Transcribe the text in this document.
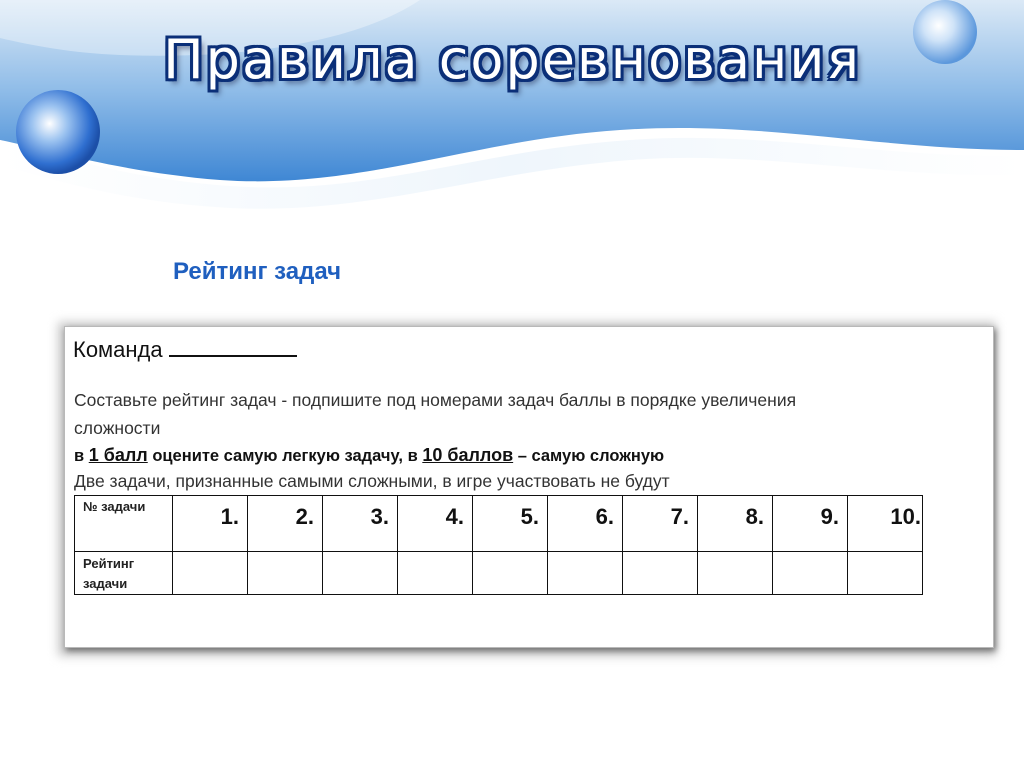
Правила соревнования
Рейтинг задач
Команда
Составьте рейтинг задач - подпишите под номерами задач баллы в порядке увеличения
сложности
в 1 балл оцените самую легкую задачу, в 10 баллов – самую сложную
Две задачи, признанные самыми сложными, в игре участвовать не будут
№ задачи	1.	2.	3.	4.	5.	6.	7.	8.	9.	10.

Рейтинг
задачи										
